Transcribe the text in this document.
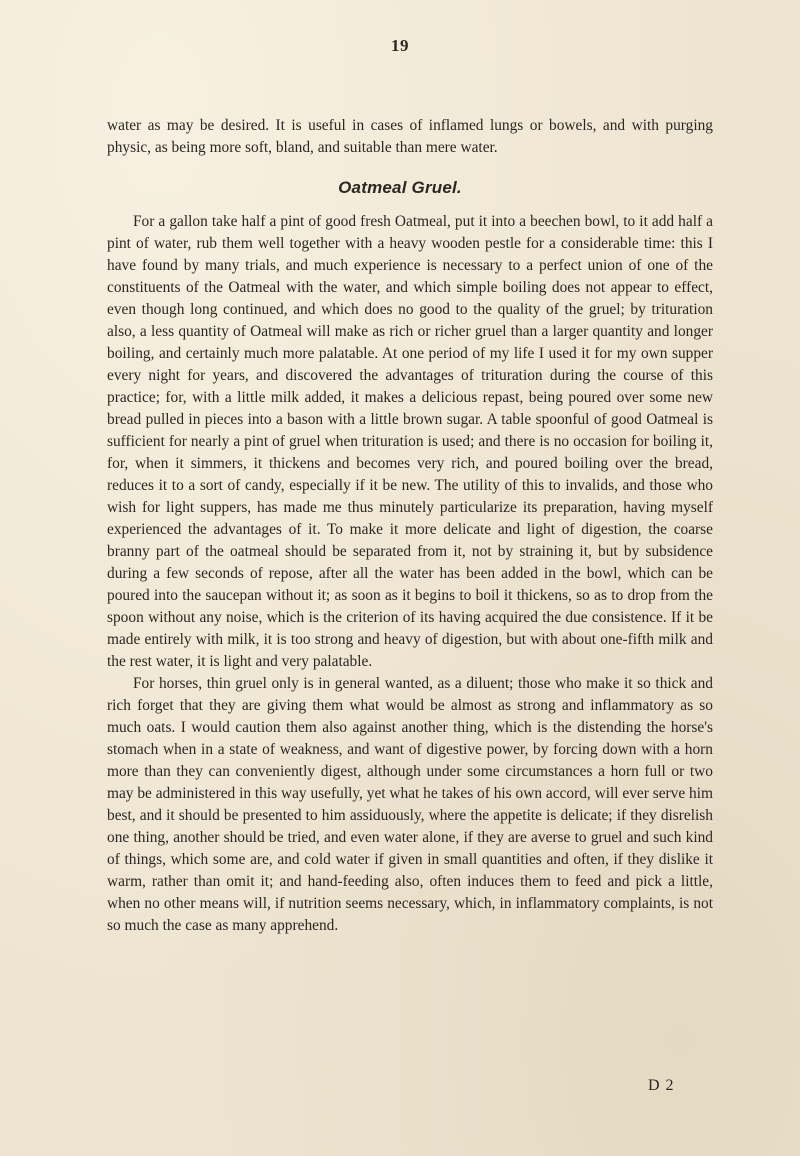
19
water as may be desired. It is useful in cases of inflamed lungs or bowels, and with purging physic, as being more soft, bland, and suitable than mere water.
Oatmeal Gruel.

For a gallon take half a pint of good fresh Oatmeal, put it into a beechen bowl, to it add half a pint of water, rub them well together with a heavy wooden pestle for a considerable time: this I have found by many trials, and much experience is necessary to a perfect union of one of the constituents of the Oatmeal with the water, and which simple boiling does not appear to effect, even though long continued, and which does no good to the quality of the gruel; by trituration also, a less quantity of Oatmeal will make as rich or richer gruel than a larger quantity and longer boiling, and certainly much more palatable. At one period of my life I used it for my own supper every night for years, and discovered the advantages of trituration during the course of this practice; for, with a little milk added, it makes a delicious repast, being poured over some new bread pulled in pieces into a bason with a little brown sugar. A table spoonful of good Oatmeal is sufficient for nearly a pint of gruel when trituration is used; and there is no occasion for boiling it, for, when it simmers, it thickens and becomes very rich, and poured boiling over the bread, reduces it to a sort of candy, especially if it be new. The utility of this to invalids, and those who wish for light suppers, has made me thus minutely particularize its preparation, having myself experienced the advantages of it. To make it more delicate and light of digestion, the coarse branny part of the oatmeal should be separated from it, not by straining it, but by subsidence during a few seconds of repose, after all the water has been added in the bowl, which can be poured into the saucepan without it; as soon as it begins to boil it thickens, so as to drop from the spoon without any noise, which is the criterion of its having acquired the due consistence. If it be made entirely with milk, it is too strong and heavy of digestion, but with about one-fifth milk and the rest water, it is light and very palatable.

For horses, thin gruel only is in general wanted, as a diluent; those who make it so thick and rich forget that they are giving them what would be almost as strong and inflammatory as so much oats. I would caution them also against another thing, which is the distending the horse's stomach when in a state of weakness, and want of digestive power, by forcing down with a horn more than they can conveniently digest, although under some circumstances a horn full or two may be administered in this way usefully, yet what he takes of his own accord, will ever serve him best, and it should be presented to him assiduously, where the appetite is delicate; if they disrelish one thing, another should be tried, and even water alone, if they are averse to gruel and such kind of things, which some are, and cold water if given in small quantities and often, if they dislike it warm, rather than omit it; and hand-feeding also, often induces them to feed and pick a little, when no other means will, if nutrition seems necessary, which, in inflammatory complaints, is not so much the case as many apprehend.

D 2
